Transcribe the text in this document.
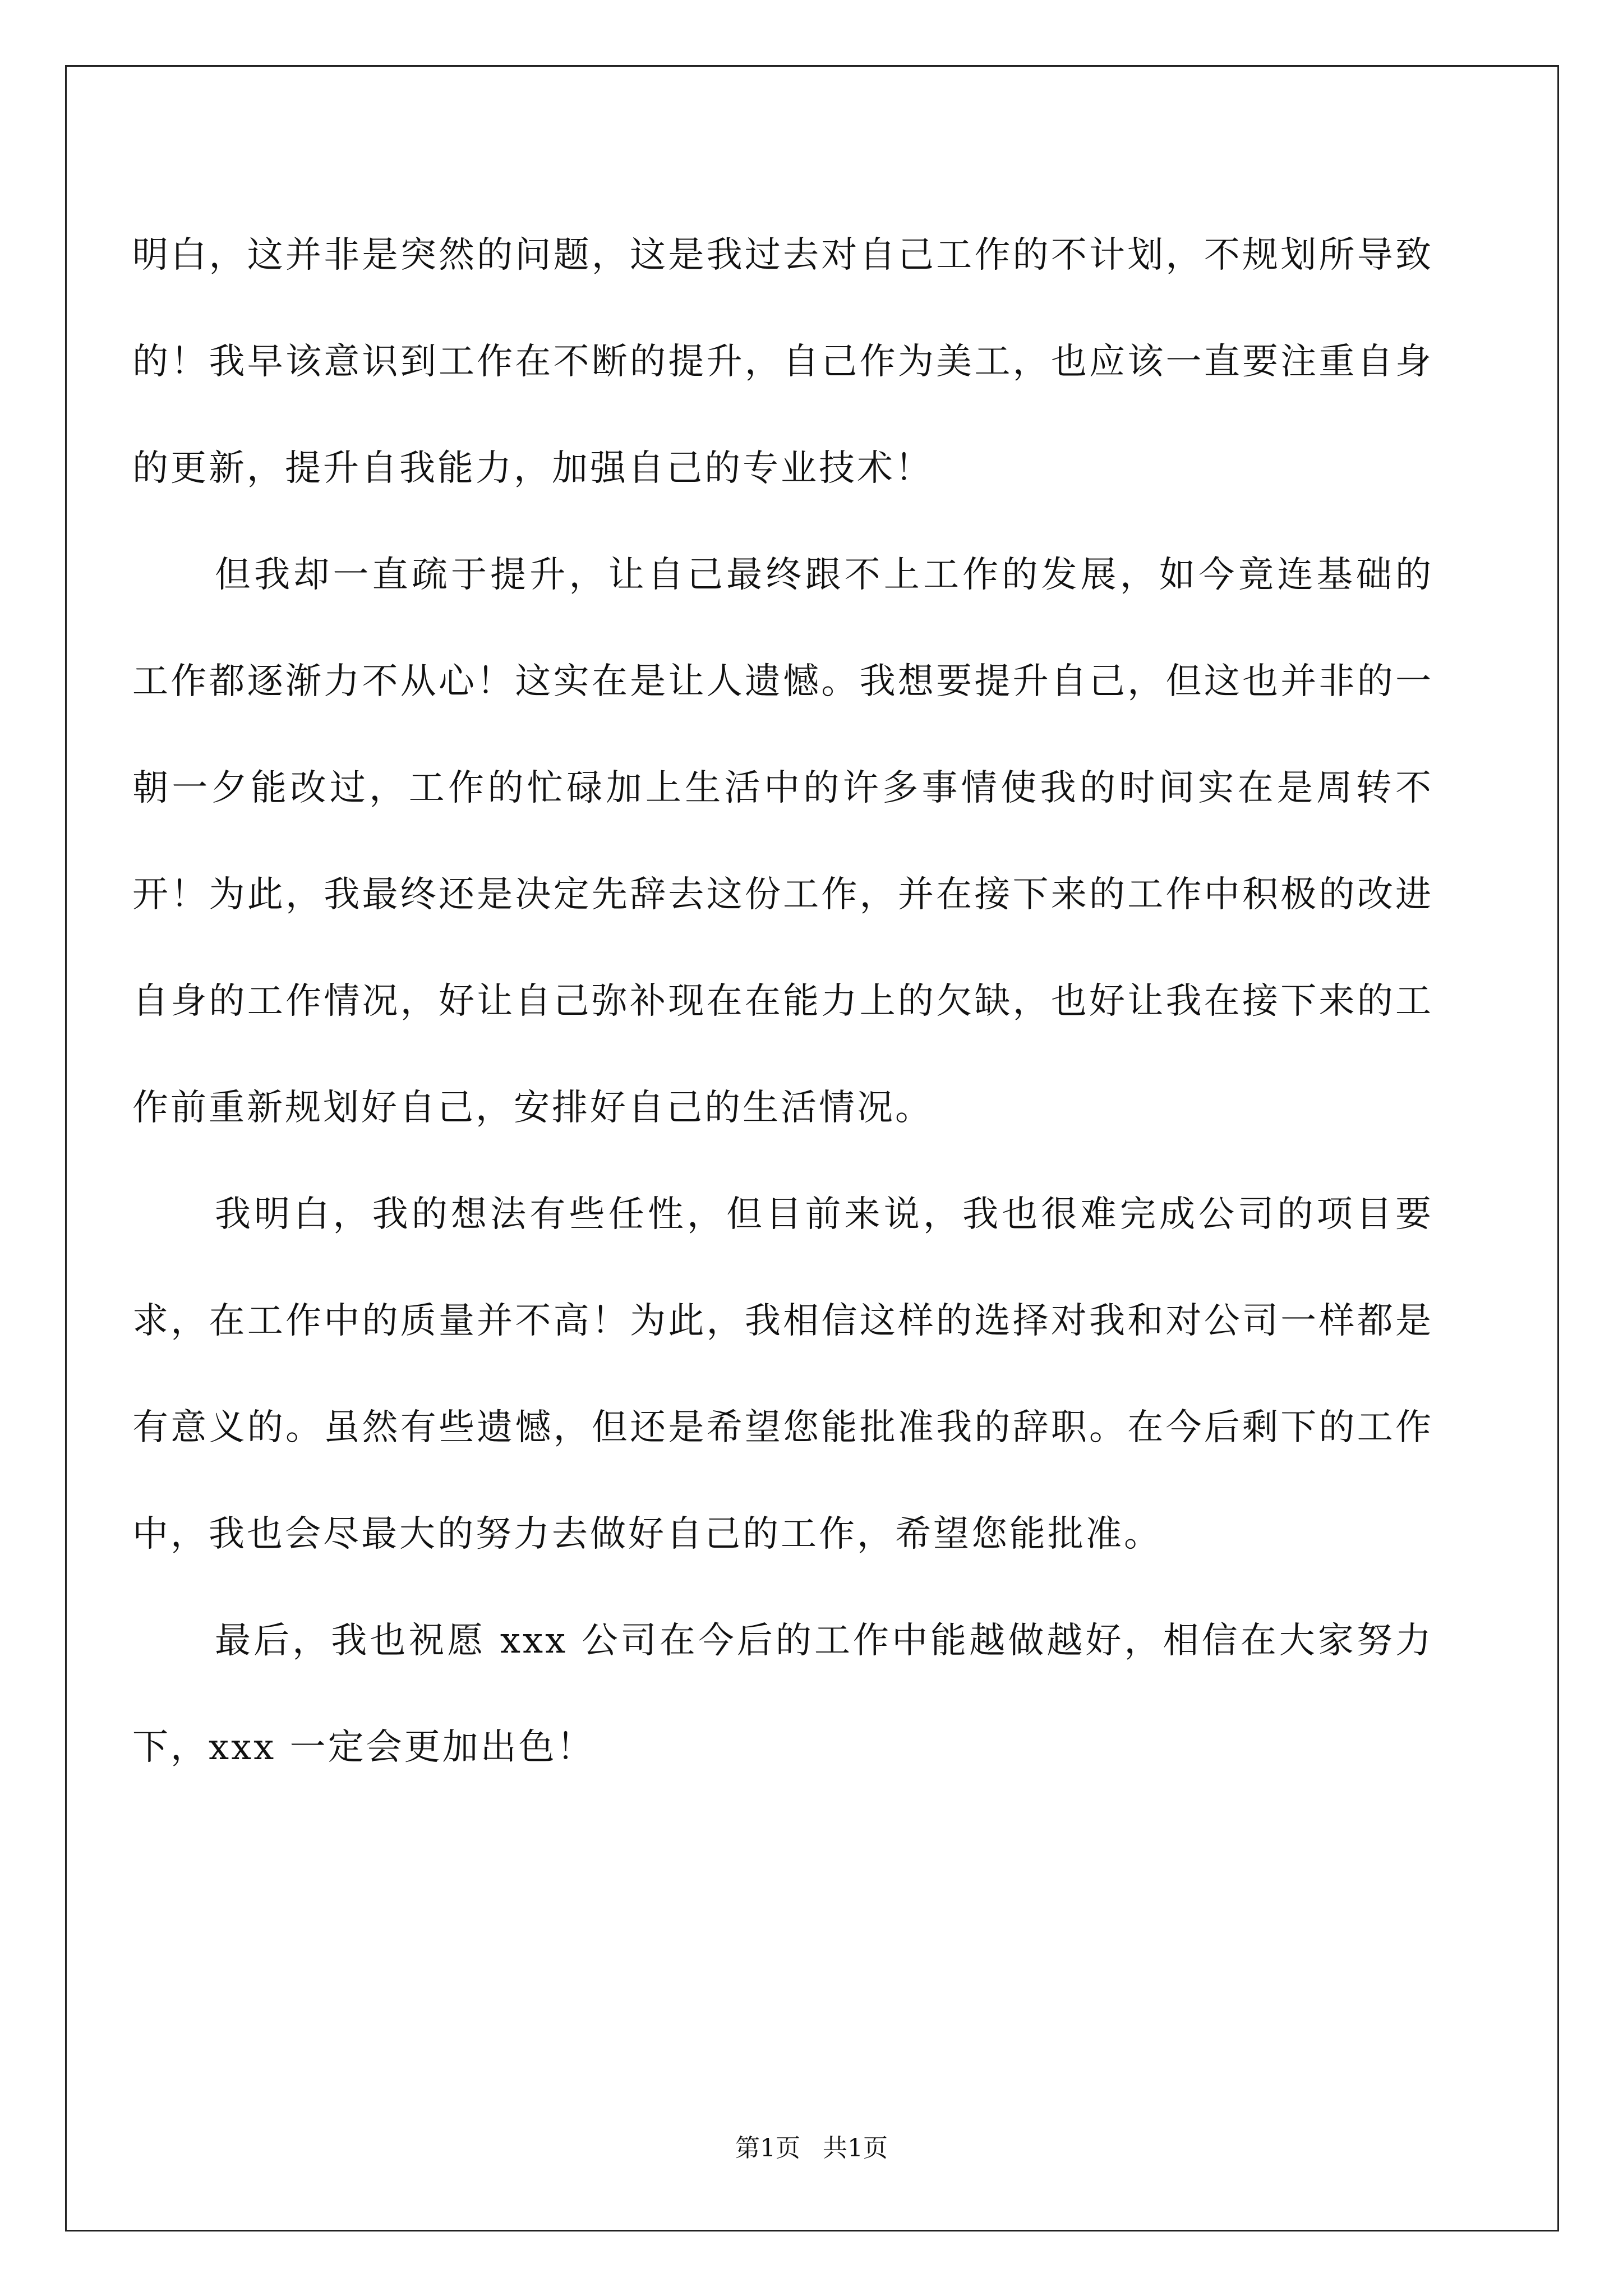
明白，这并非是突然的问题，这是我过去对自己工作的不计划，不规划所导致的！我早该意识到工作在不断的提升，自己作为美工，也应该一直要注重自身的更新，提升自我能力，加强自己的专业技术！

但我却一直疏于提升，让自己最终跟不上工作的发展，如今竟连基础的工作都逐渐力不从心！这实在是让人遗憾。我想要提升自己，但这也并非的一朝一夕能改过，工作的忙碌加上生活中的许多事情使我的时间实在是周转不开！为此，我最终还是决定先辞去这份工作，并在接下来的工作中积极的改进自身的工作情况，好让自己弥补现在在能力上的欠缺，也好让我在接下来的工作前重新规划好自己，安排好自己的生活情况。

我明白，我的想法有些任性，但目前来说，我也很难完成公司的项目要求，在工作中的质量并不高！为此，我相信这样的选择对我和对公司一样都是有意义的。虽然有些遗憾，但还是希望您能批准我的辞职。在今后剩下的工作中，我也会尽最大的努力去做好自己的工作，希望您能批准。

最后，我也祝愿 xxx 公司在今后的工作中能越做越好，相信在大家努力下，xxx 一定会更加出色！

第1页 共1页
